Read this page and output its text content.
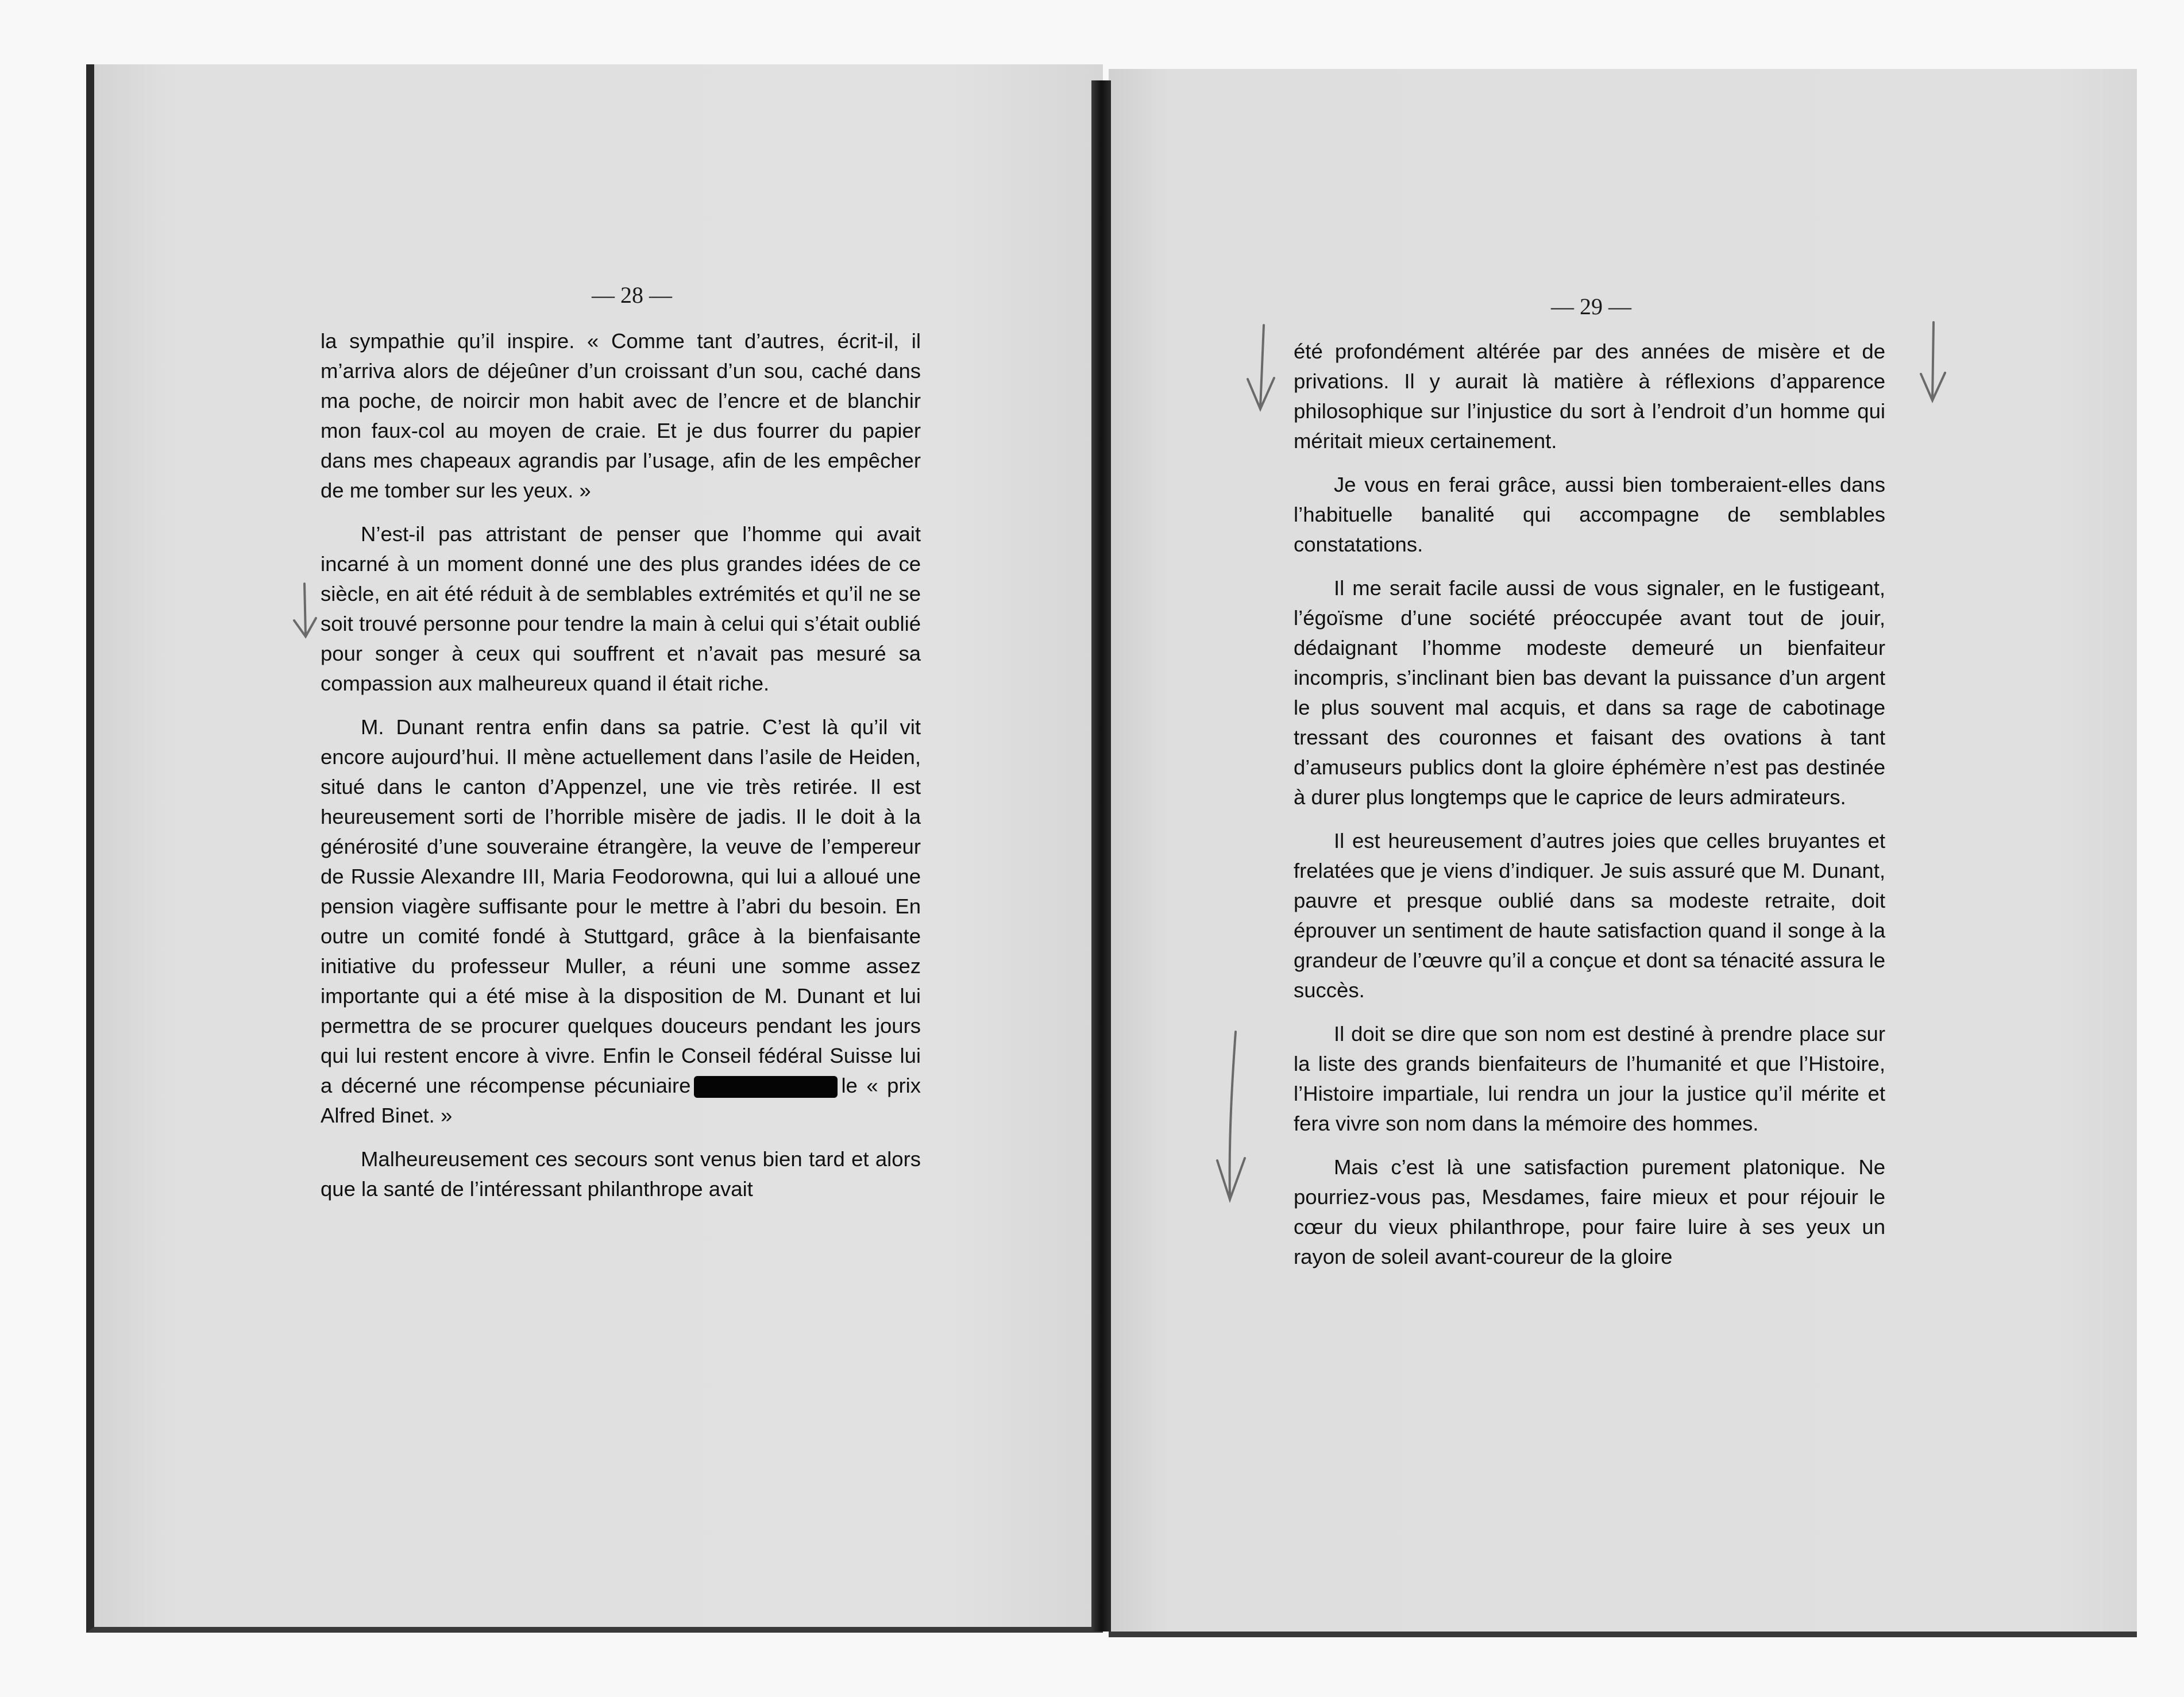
— 28 —	— 29 —

la sympathie qu’il inspire. « Comme tant d’autres, écrit-il, il m’arriva alors de déjeûner d’un croissant d’un sou, caché dans ma poche, de noircir mon habit avec de l’encre et de blanchir mon faux-col au moyen de craie. Et je dus fourrer du papier dans mes chapeaux agrandis par l’usage, afin de les empêcher de me tomber sur les yeux. »

N’est-il pas attristant de penser que l’homme qui avait incarné à un moment donné une des plus grandes idées de ce siècle, en ait été réduit à de semblables extrémités et qu’il ne se soit trouvé personne pour tendre la main à celui qui s’était oublié pour songer à ceux qui souffrent et n’avait pas mesuré sa compassion aux malheureux quand il était riche.

M. Dunant rentra enfin dans sa patrie. C’est là qu’il vit encore aujourd’hui. Il mène actuellement dans l’asile de Heiden, situé dans le canton d’Appenzel, une vie très retirée. Il est heureusement sorti de l’horrible misère de jadis. Il le doit à la générosité d’une souveraine étrangère, la veuve de l’empereur de Russie Alexandre III, Maria Feodorowna, qui lui a alloué une pension viagère suffisante pour le mettre à l’abri du besoin. En outre un comité fondé à Stuttgard, grâce à la bienfaisante initiative du professeur Muller, a réuni une somme assez importante qui a été mise à la disposition de M. Dunant et lui permettra de se procurer quelques douceurs pendant les jours qui lui restent encore à vivre. Enfin le Conseil fédéral Suisse lui a décerné une récompense pécuniaire	le « prix Alfred Binet. »

Malheureusement ces secours sont venus bien tard et alors que la santé de l’intéressant philanthrope avait

été profondément altérée par des années de misère et de privations. Il y aurait là matière à réflexions d’apparence philosophique sur l’injustice du sort à l’endroit d’un homme qui méritait mieux certainement.

Je vous en ferai grâce, aussi bien tomberaient-elles dans l’habituelle banalité qui accompagne de semblables constatations.

Il me serait facile aussi de vous signaler, en le fustigeant, l’égoïsme d’une société préoccupée avant tout de jouir, dédaignant l’homme modeste demeuré un bienfaiteur incompris, s’inclinant bien bas devant la puissance d’un argent le plus souvent mal acquis, et dans sa rage de cabotinage tressant des couronnes et faisant des ovations à tant d’amuseurs publics dont la gloire éphémère n’est pas destinée à durer plus longtemps que le caprice de leurs admirateurs.

Il est heureusement d’autres joies que celles bruyantes et frelatées que je viens d’indiquer. Je suis assuré que M. Dunant, pauvre et presque oublié dans sa modeste retraite, doit éprouver un sentiment de haute satisfaction quand il songe à la grandeur de l’œuvre qu’il a conçue et dont sa ténacité assura le succès.

Il doit se dire que son nom est destiné à prendre place sur la liste des grands bienfaiteurs de l’humanité et que l’Histoire, l’Histoire impartiale, lui rendra un jour la justice qu’il mérite et fera vivre son nom dans la mémoire des hommes.

Mais c’est là une satisfaction purement platonique. Ne pourriez-vous pas, Mesdames, faire mieux et pour réjouir le cœur du vieux philanthrope, pour faire luire à ses yeux un rayon de soleil avant-coureur de la gloire
